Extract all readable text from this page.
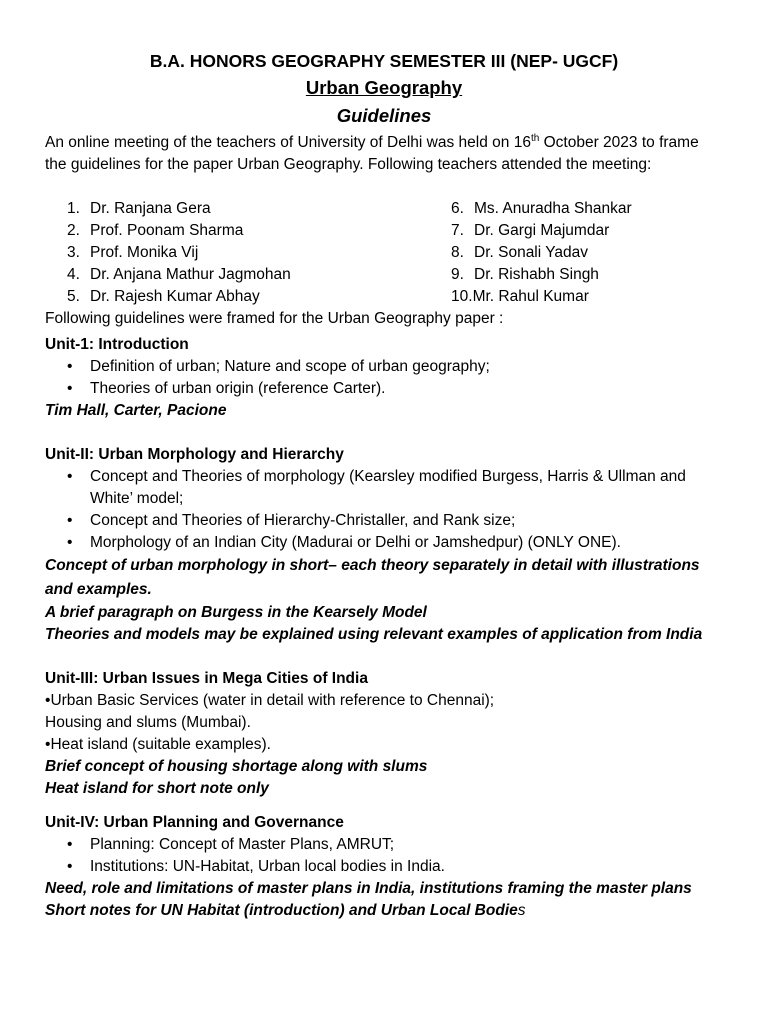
B.A. HONORS GEOGRAPHY SEMESTER III (NEP- UGCF)
Urban Geography
Guidelines

An online meeting of the teachers of University of Delhi was held on 16th October 2023 to frame the guidelines for the paper Urban Geography. Following teachers attended the meeting:

1. Dr. Ranjana Gera
2. Prof. Poonam Sharma
3. Prof. Monika Vij
4. Dr. Anjana Mathur Jagmohan
5. Dr. Rajesh Kumar Abhay
6. Ms. Anuradha Shankar
7. Dr. Gargi Majumdar
8. Dr. Sonali Yadav
9. Dr. Rishabh Singh
10.Mr. Rahul Kumar

Following guidelines were framed for the Urban Geography paper :

Unit-1: Introduction

• Definition of urban; Nature and scope of urban geography;
• Theories of urban origin (reference Carter).

Tim Hall, Carter, Pacione

Unit-II: Urban Morphology and Hierarchy

• Concept and Theories of morphology (Kearsley modified Burgess, Harris & Ullman and White’ model;
• Concept and Theories of Hierarchy-Christaller, and Rank size;
• Morphology of an Indian City (Madurai or Delhi or Jamshedpur) (ONLY ONE).

Concept of urban morphology in short– each theory separately in detail with illustrations and examples.

A brief paragraph on Burgess in the Kearsely Model

Theories and models may be explained using relevant examples of application from India

Unit-III: Urban Issues in Mega Cities of India

• Urban Basic Services (water in detail with reference to Chennai);

Housing and slums (Mumbai).

• Heat island (suitable examples).

Brief concept of housing shortage along with slums

Heat island for short note only

Unit-IV: Urban Planning and Governance

• Planning: Concept of Master Plans, AMRUT;
• Institutions: UN-Habitat, Urban local bodies in India.

Need, role and limitations of master plans in India, institutions framing the master plans

Short notes for UN Habitat (introduction) and Urban Local Bodies
